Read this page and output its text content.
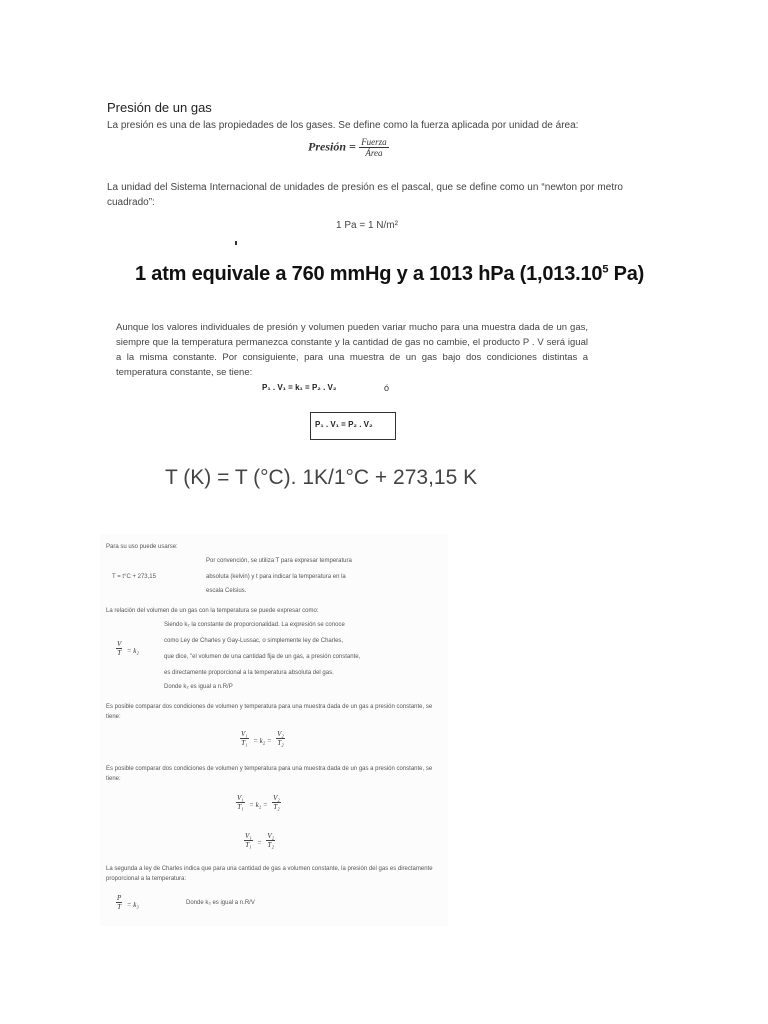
Presión de un gas
La presión es una de las propiedades de los gases. Se define como la fuerza aplicada por unidad de área:
Presión = $\frac{\text{Fuerza}}{\text{Área}}$
La unidad del Sistema Internacional de unidades de presión es el pascal, que se define como un “newton por metro cuadrado”:
1 Pa = 1 N/m²
1 atm equivale a 760 mmHg y a 1013 hPa (1,013.10$^5$ Pa)
Aunque los valores individuales de presión y volumen pueden variar mucho para una muestra dada de un gas, siempre que la temperatura permanezca constante y la cantidad de gas no cambie, el producto P . V será igual a la misma constante. Por consiguiente, para una muestra de un gas bajo dos condiciones distintas a temperatura constante, se tiene:
P₁ . V₁ = k₁ = P₂ . V₂	ó
P₁ . V₁ = P₂ . V₂
T (K) = T (°C). 1K/1°C + 273,15 K
Para su uso puede usarse:
Por convención, se utiliza T para expresar temperatura
T = t°C + 273,15	absoluta (kelvin) y t para indicar la temperatura en la
escala Celsius.
La relación del volumen de un gas con la temperatura se puede expresar como:
Siendo k₂ la constante de proporcionalidad. La expresión se conoce
como Ley de Charles y Gay-Lussac, o simplemente ley de Charles,
$\frac{V}{T} = k_2$
que dice, "el volumen de una cantidad fija de un gas, a presión constante,
es directamente proporcional a la temperatura absoluta del gas.
Donde k₂ es igual a n.R/P
Es posible comparar dos condiciones de volumen y temperatura para una muestra dada de un gas a presión constante, se tiene:
$\frac{\text{V₁}}{\text{T₁}} = k_2 = \frac{\text{V₂}}{\text{T₂}}$
Es posible comparar dos condiciones de volumen y temperatura para una muestra dada de un gas a presión constante, se tiene:
$\frac{\text{V₁}}{\text{T₁}} = k_2 = \frac{\text{V₂}}{\text{T₂}}$
$\frac{\text{V₁}}{\text{T₁}} = \frac{\text{V₂}}{\text{T₂}}$
La segunda a ley de Charles indica que para una cantidad de gas a volumen constante, la presión del gas es directamente proporcional a la temperatura:
$\frac{P}{T} = k_3$	Donde k₃ es igual a n.R/V
